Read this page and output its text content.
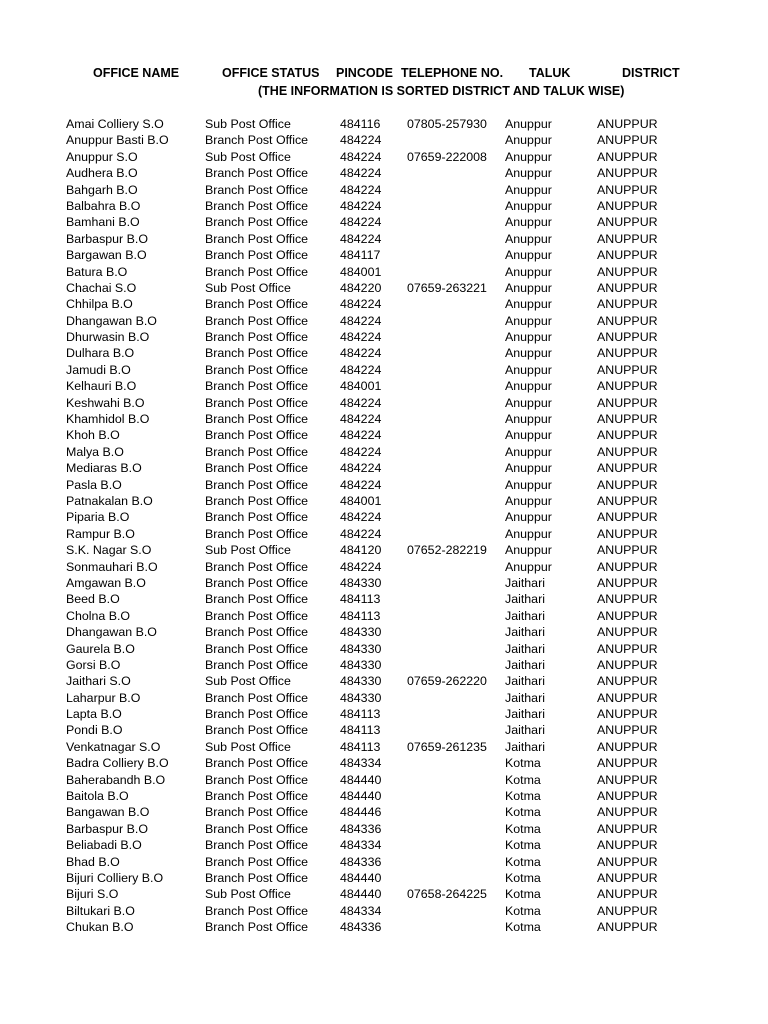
OFFICE NAME	OFFICE STATUS PINCODE TELEPHONE NO. TALUK	DISTRICT
(THE INFORMATION IS SORTED DISTRICT AND TALUK WISE)
Amai Colliery S.O	Sub Post Office	484116 07805-257930 Anuppur	ANUPPUR
Anuppur Basti B.O	Branch Post Office	484224	Anuppur	ANUPPUR
Anuppur S.O	Sub Post Office	484224 07659-222008 Anuppur	ANUPPUR
Audhera B.O	Branch Post Office	484224	Anuppur	ANUPPUR
Bahgarh B.O	Branch Post Office	484224	Anuppur	ANUPPUR
Balbahra B.O	Branch Post Office	484224	Anuppur	ANUPPUR
Bamhani B.O	Branch Post Office	484224	Anuppur	ANUPPUR
Barbaspur B.O	Branch Post Office	484224	Anuppur	ANUPPUR
Bargawan B.O	Branch Post Office	484117	Anuppur	ANUPPUR
Batura B.O	Branch Post Office	484001	Anuppur	ANUPPUR
Chachai S.O	Sub Post Office	484220 07659-263221 Anuppur	ANUPPUR
Chhilpa B.O	Branch Post Office	484224	Anuppur	ANUPPUR
Dhangawan B.O	Branch Post Office	484224	Anuppur	ANUPPUR
Dhurwasin B.O	Branch Post Office	484224	Anuppur	ANUPPUR
Dulhara B.O	Branch Post Office	484224	Anuppur	ANUPPUR
Jamudi B.O	Branch Post Office	484224	Anuppur	ANUPPUR
Kelhauri B.O	Branch Post Office	484001	Anuppur	ANUPPUR
Keshwahi B.O	Branch Post Office	484224	Anuppur	ANUPPUR
Khamhidol B.O	Branch Post Office	484224	Anuppur	ANUPPUR
Khoh B.O	Branch Post Office	484224	Anuppur	ANUPPUR
Malya B.O	Branch Post Office	484224	Anuppur	ANUPPUR
Mediaras B.O	Branch Post Office	484224	Anuppur	ANUPPUR
Pasla B.O	Branch Post Office	484224	Anuppur	ANUPPUR
Patnakalan B.O	Branch Post Office	484001	Anuppur	ANUPPUR
Piparia B.O	Branch Post Office	484224	Anuppur	ANUPPUR
Rampur B.O	Branch Post Office	484224	Anuppur	ANUPPUR
S.K. Nagar S.O	Sub Post Office	484120 07652-282219 Anuppur	ANUPPUR
Sonmauhari B.O	Branch Post Office	484224	Anuppur	ANUPPUR
Amgawan B.O	Branch Post Office	484330	Jaithari	ANUPPUR
Beed B.O	Branch Post Office	484113	Jaithari	ANUPPUR
Cholna B.O	Branch Post Office	484113	Jaithari	ANUPPUR
Dhangawan B.O	Branch Post Office	484330	Jaithari	ANUPPUR
Gaurela B.O	Branch Post Office	484330	Jaithari	ANUPPUR
Gorsi B.O	Branch Post Office	484330	Jaithari	ANUPPUR
Jaithari S.O	Sub Post Office	484330 07659-262220 Jaithari	ANUPPUR
Laharpur B.O	Branch Post Office	484330	Jaithari	ANUPPUR
Lapta B.O	Branch Post Office	484113	Jaithari	ANUPPUR
Pondi B.O	Branch Post Office	484113	Jaithari	ANUPPUR
Venkatnagar S.O	Sub Post Office	484113 07659-261235 Jaithari	ANUPPUR
Badra Colliery B.O	Branch Post Office	484334	Kotma	ANUPPUR
Baherabandh B.O	Branch Post Office	484440	Kotma	ANUPPUR
Baitola B.O	Branch Post Office	484440	Kotma	ANUPPUR
Bangawan B.O	Branch Post Office	484446	Kotma	ANUPPUR
Barbaspur B.O	Branch Post Office	484336	Kotma	ANUPPUR
Beliabadi B.O	Branch Post Office	484334	Kotma	ANUPPUR
Bhad B.O	Branch Post Office	484336	Kotma	ANUPPUR
Bijuri Colliery B.O	Branch Post Office	484440	Kotma	ANUPPUR
Bijuri S.O	Sub Post Office	484440 07658-264225 Kotma	ANUPPUR
Biltukari B.O	Branch Post Office	484334	Kotma	ANUPPUR
Chukan B.O	Branch Post Office	484336	Kotma	ANUPPUR
